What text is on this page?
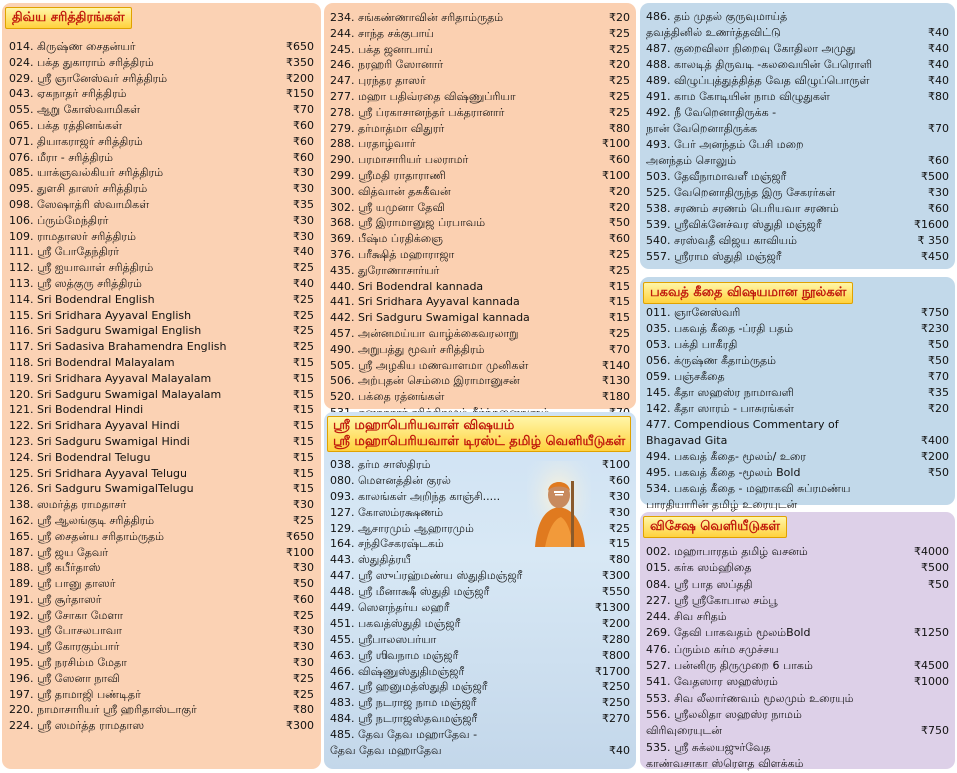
திவ்ய சரித்திரங்கள்
014. கிருஷ்ண சைதன்யர்	₹650
024. பக்த துகாராம் சரித்திரம்	₹350
029. ஸ்ரீ ஞானேஸ்வர் சரித்திரம்	₹200
043. ஏகநாதர் சரித்திரம்	₹150
055. ஆறு கோஸ்வாமிகள்	₹70
065. பக்த ரத்தினங்கள்	₹60
071. தியாகராஜர் சரித்திரம்	₹60
076. மீரா - சரித்திரம்	₹60
085. யாக்ஞவல்கியர் சரித்திரம்	₹30
095. துளசி தாஸர் சரித்திரம்	₹30
098. ஸேஷாத்ரி ஸ்வாமிகள்	₹35
106. ப்ரும்மேந்திரர்	₹30
109. ராமதாஸர் சரித்திரம்	₹30
111. ஸ்ரீ போதேந்திரர்	₹40
112. ஸ்ரீ ஐயாவாள் சரித்திரம்	₹25
113. ஸ்ரீ ஸத்குரு சரித்திரம்	₹40
114. Sri Bodendral English	₹25
115. Sri Sridhara Ayyaval English	₹25
116. Sri Sadguru Swamigal English	₹25
117. Sri Sadasiva Brahamendra English	₹25
118. Sri Bodendral Malayalam	₹15
119. Sri Sridhara Ayyaval Malayalam	₹15
120. Sri Sadguru Swamigal Malayalam	₹15
121. Sri Bodendral Hindi	₹15
122. Sri Sridhara Ayyaval Hindi	₹15
123. Sri Sadguru Swamigal Hindi	₹15
124. Sri Bodendral Telugu	₹15
125. Sri Sridhara Ayyaval Telugu	₹15
126. Sri Sadguru SwamigalTelugu	₹15
138. ஸமர்த்த ராமதாசர்	₹30
162. ஸ்ரீ ஆலங்குடி சரித்திரம்	₹25
165. ஸ்ரீ சைதன்ய சரிதாம்ருதம்	₹650
187. ஸ்ரீ ஜய தேவர்	₹100
188. ஸ்ரீ கபீர்தாஸ்	₹30
189. ஸ்ரீ பானு தாஸர்	₹50
191. ஸ்ரீ சூர்தாஸர்	₹60
192. ஸ்ரீ சோகா மேளா	₹25
193. ஸ்ரீ போசலபாவா	₹30
194. ஸ்ரீ கோரகும்பார்	₹30
195. ஸ்ரீ நரசிம்ம மேதா	₹30
196. ஸ்ரீ ஸேனா நாவி	₹25
197. ஸ்ரீ தாமாஜி பண்டிதர்	₹25
220. நாமாசாரியர் ஸ்ரீ ஹரிதாஸ்டாகுர்	₹80
224. ஸ்ரீ ஸமர்த்த ராமதாஸ	₹300
234. சங்கண்ணாவின் சரிதாம்ருதம்	₹20
244. சாந்த சக்குபாய்	₹25
245. பக்த ஜனாபாய்	₹25
246. நரஹரி ஸோனார்	₹20
247. புரந்தர தாஸர்	₹25
277. மஹா பதிவ்ரதை விஷ்ணுப்ரியா	₹25
278. ஸ்ரீ ப்ரகாசானந்தர் பக்தரானார்	₹25
279. தர்மாத்மா விதுரர்	₹80
288. பரதாழ்வார்	₹100
290. பரமாசாரியர் பலராமர்	₹60
299. ஸ்ரீமதி ராதாராணி	₹100
300. வித்வான் தசுகீவன்	₹20
302. ஸ்ரீ யமுனா தேவி	₹20
368. ஸ்ரீ இராமானுஜ ப்ரபாவம்	₹50
369. பீஷ்ம ப்ரதிக்ஞை	₹60
376. பரீக்ஷித் மஹாராஜா	₹25
435. துரோணாசார்யர்	₹25
440. Sri Bodendral kannada	₹15
441. Sri Sridhara Ayyaval kannada	₹15
442. Sri Sadguru Swamigal kannada	₹15
457. அன்னமய்யா வாழ்க்கைவரலாறு	₹25
490. அறுபத்து மூவர் சரித்திரம்	₹70
505. ஸ்ரீ அழகிய மணவாளமா முனிகள்	₹140
506. அற்புதன் செம்மை இராமானுசன்	₹130
520. பக்தை ரத்னங்கள்	₹180
ஸ்ரீ மஹாபெரியவாள் விஷயம்
ஸ்ரீ மஹாபெரியவாள் டிரஸ்ட் தமிழ் வெளியீடுகள்
038. தர்ம சாஸ்திரம்	₹100
080. மௌனத்தின் குரல்	₹60
093. காலங்கள் அறிந்த காஞ்சி.....	₹30
127. கோஸம்ரக்ஷணம்	₹30
129. ஆசாரமும் ஆஹாரமும்	₹25
164. சந்திசேகரஷ்டகம்	₹15
443. ஸ்துதித்ரயீ	₹80
447. ஸ்ரீ ஸுப்ரஹ்மண்ய ஸ்துதிமஞ்ஜரீ	₹300
448. ஸ்ரீ மீனாக்ஷீ ஸ்துதி மஞ்ஜரீ	₹550
449. ஸௌந்தர்ய லஹரீ	₹1300
451. பகவத்ஸ்துதி மஞ்ஜரீ	₹200
455. ஸ்ரீபாலஸபர்யா	₹280
463. ஸ்ரீ ஶிவநாம மஞ்ஜரீ	₹800
466. விஷ்ணுஸ்துதிமஞ்ஜரீ	₹1700
467. ஸ்ரீ ஹனுமத்ஸ்துதி மஞ்ஜரீ	₹250
483. ஸ்ரீ நடராஜ நாம மஞ்ஜரீ	₹250
484. ஸ்ரீ நடராஜஸ்தவமஞ்ஜரீ	₹270
485. தேவ தேவ மஹாதேவ -
தேவ தேவ மஹாதேவ	₹40
486. தம் முதல் குருவுமாய்த்
தவத்தினில் உணர்த்தவிட்டு	₹40
487. குறைவிலா நிறைவு கோதிலா அமுது	₹40
488. காலடித் திருவடி -கலவையின் பேரொளி	₹40
489. விழுப்புத்துத்தித்த வேத விழுப்பொருள்	₹40
491. காம கோடியின் நாம விழுதுகள்	₹80
492. நீ வேறெனாதிருக்க -
நான் வேறெனாதிருக்க	₹70
493. பேர் அனந்தம் பேசி மறை
அனந்தம் சொலும்	₹60
503. தேவீநாமாவளீ மஞ்ஜரீ	₹500
525. வேறெனாதிருந்த இரு சேகரர்கள்	₹30
538. சரணம் சரணம் பெரியவா சரணம்	₹60
539. ஸ்ரீவிக்னேச்வர ஸ்துதி மஞ்ஜரீ	₹1600
540. சரஸ்வதீ விஜய காவியம்	₹ 350
557. ஸ்ரீராம ஸ்துதி மஞ்ஜரீ	₹450
பகவத் கீதை விஷயமான நூல்கள்
011. ஞானேஸ்வரி	₹750
035. பகவத் கீதை -ப்ரதி பதம்	₹230
053. பக்தி பாகீரதி	₹50
056. க்ருஷ்ண கீதாம்ருதம்	₹50
059. பஞ்சகீதை	₹70
145. கீதா ஸஹஸ்ர நாமாவளி	₹35
142. கீதா ஸாரம் - பாசுரங்கள்	₹20
477. Compendious Commentary of
Bhagavad Gita	₹400
494. பகவத் கீதை- மூலம்/ உரை	₹200
495. பகவத் கீதை -மூலம் Bold	₹50
534. பகவத் கீதை - மஹாகவி சுப்ரமண்ய
பாரதியாரின் தமிழ் உரையுடன்
விசேஷ வெளியீடுகள்
002. மஹாபாரதம் தமிழ் வசனம்	₹4000
015. கர்க ஸம்ஹிதை	₹500
084. ஸ்ரீ பாத ஸப்ததி	₹50
227. ஸ்ரீ ஸ்ரீகோபால சம்பூ
244. சிவ சரிதம்
269. தேவி பாகவதம் மூலம்Bold	₹1250
476. ப்ரும்ம கர்ம சமுச்சய
527. பன்னிரு திருமுறை 6 பாகம்	₹4500
541. வேதஸார ஸஹஸ்ரம்	₹1000
553. சிவ லீலார்ணவம் மூலமும் உரையும்
556. ஸ்ரீலலிதா ஸஹஸ்ர நாமம்
விரிவுரையுடன்	₹750
535. ஸ்ரீ சுக்லயஜுர்வேத
காண்வசாகா ஸ்ரௌத விளக்கம்
